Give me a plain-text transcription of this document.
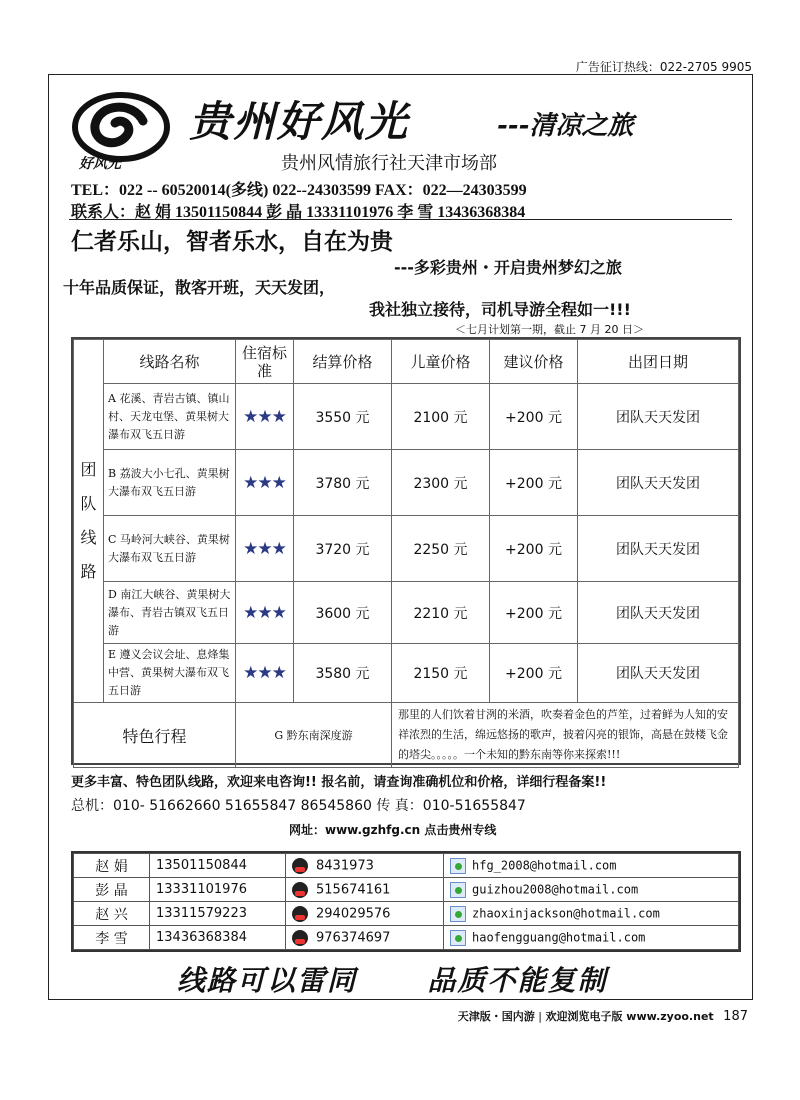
广告征订热线：022-2705 9905
好风光
贵州好风光	---清凉之旅
贵州风情旅行社天津市场部
TEL：022 -- 60520014(多线) 022--24303599 FAX：022—24303599
联系人：赵 娟 13501150844 彭 晶 13331101976 李 雪 13436368384
仁者乐山，智者乐水，自在为贵
---多彩贵州・开启贵州梦幻之旅
十年品质保证，散客开班，天天发团，
我社独立接待，司机导游全程如一!!!
＜七月计划第一期，截止 7 月 20 日＞
团
队
线
路	线路名称	住宿标准	结算价格	儿童价格	建议价格	出团日期
	A 花溪、青岩古镇、镇山村、天龙屯堡、黄果树大瀑布双飞五日游	★★★	3550 元	2100 元	+200 元	团队天天发团
	B 荔波大小七孔、黄果树大瀑布双飞五日游	★★★	3780 元	2300 元	+200 元	团队天天发团
	C 马岭河大峡谷、黄果树大瀑布双飞五日游	★★★	3720 元	2250 元	+200 元	团队天天发团
	D 南江大峡谷、黄果树大瀑布、青岩古镇双飞五日游	★★★	3600 元	2210 元	+200 元	团队天天发团
	E 遵义会议会址、息烽集中营、黄果树大瀑布双飞五日游	★★★	3580 元	2150 元	+200 元	团队天天发团
特色行程		G 黔东南深度游		那里的人们饮着甘洌的米酒，吹奏着金色的芦笙，过着鲜为人知的安祥浓烈的生活，绵远悠扬的歌声，披着闪亮的银饰，高悬在鼓楼飞金的塔尖。。。。。一个未知的黔东南等你来探索!!!		
更多丰富、特色团队线路，欢迎来电咨询!! 报名前，请查询准确机位和价格，详细行程备案!!
总机：010- 51662660 51655847 86545860 传 真：010-51655847
网址：www.gzhfg.cn 点击贵州专线
赵 娟	13501150844	8431973	hfg_2008@hotmail.com
彭 晶	13331101976	515674161	guizhou2008@hotmail.com
赵 兴	13311579223	294029576	zhaoxinjackson@hotmail.com
李 雪	13436368384	976374697	haofengguang@hotmail.com
线路可以雷同      品质不能复制
天津版・国内游 | 欢迎浏览电子版 www.zyoo.net 187
